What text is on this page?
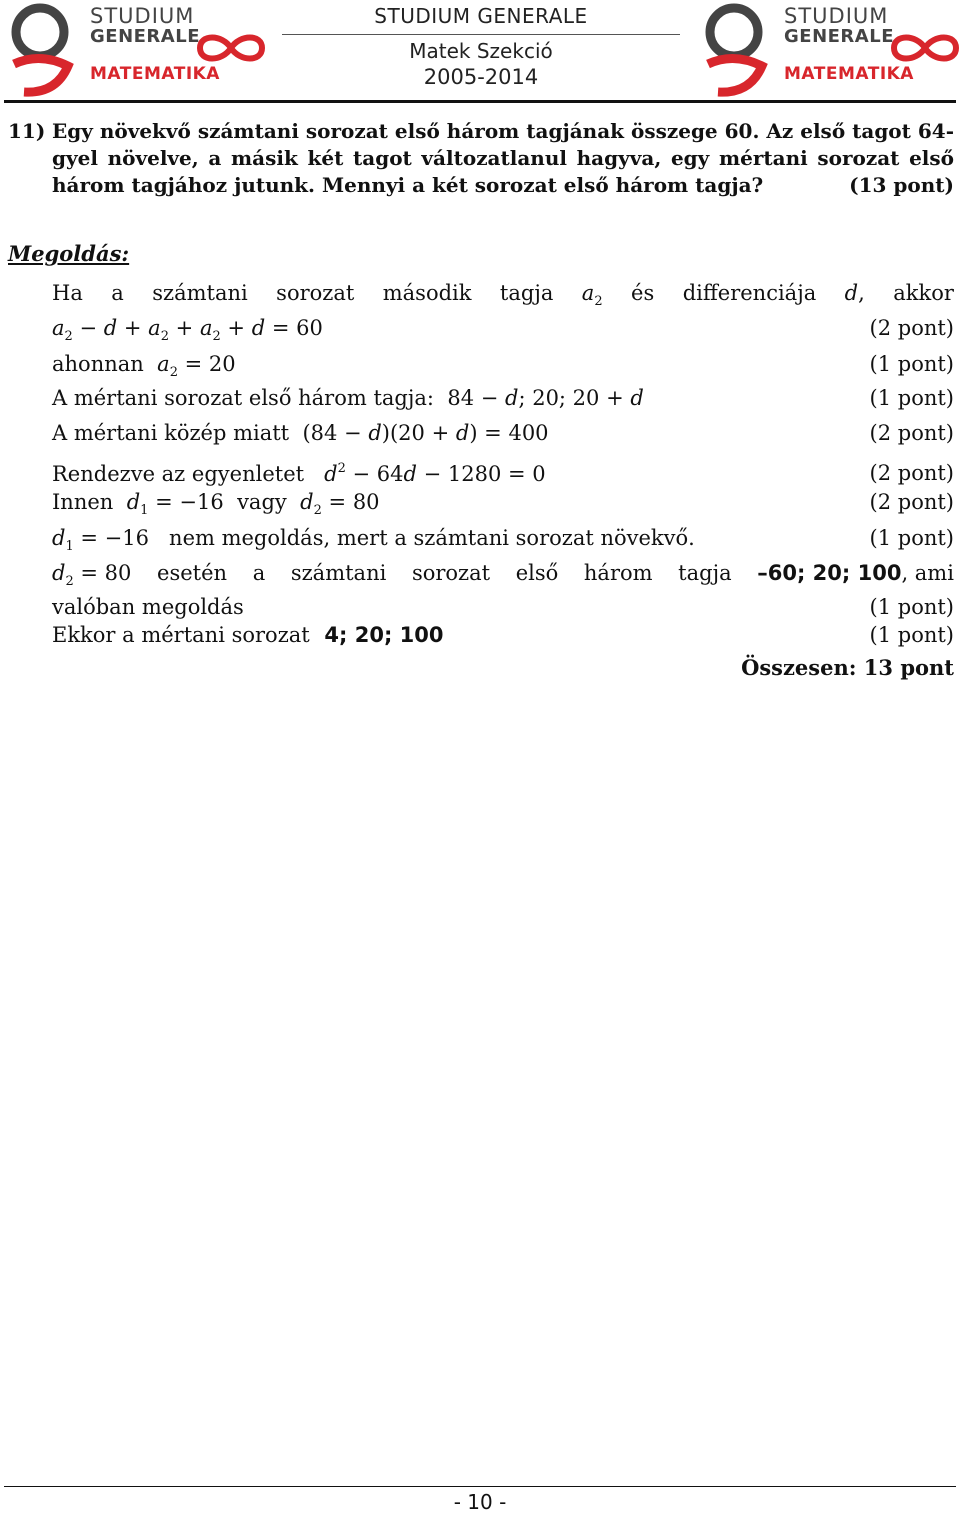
STUDIUM
GENERALE
MATEMATIKA
STUDIUM GENERALE
Matek Szekció
2005-2014
STUDIUM
GENERALE
MATEMATIKA
11) Egy növekvő számtani sorozat első három tagjának összege 60. Az első tagot 64-gyel növelve, a másik két tagot változatlanul hagyva, egy mértani sorozat első három tagjához jutunk. Mennyi a két sorozat első három tagja?	(13 pont)
Megoldás:
Ha a számtani sorozat második tagja $a_2$ és differenciája d, akkor
$a_2 - d + a_2 + a_2 + d = 60$	(2 pont)
ahonnan $a_2 = 20$	(1 pont)
A mértani sorozat első három tagja:  84 − d; 20; 20 + d	(1 pont)
A mértani közép miatt  (84 − d)(20 + d) = 400	(2 pont)
Rendezve az egyenletet $d^2 - 64d - 1280 = 0$	(2 pont)
Innen $d_1 = -16$  vagy $d_2 = 80$	(2 pont)
$d_1 = -16$   nem megoldás, mert a számtani sorozat növekvő.	(1 pont)
$d_2 = 80$ esetén a számtani sorozat első három tagja –60; 20; 100, ami
valóban megoldás	(1 pont)
Ekkor a mértani sorozat 4; 20; 100	(1 pont)
Összesen: 13 pont
- 10 -
